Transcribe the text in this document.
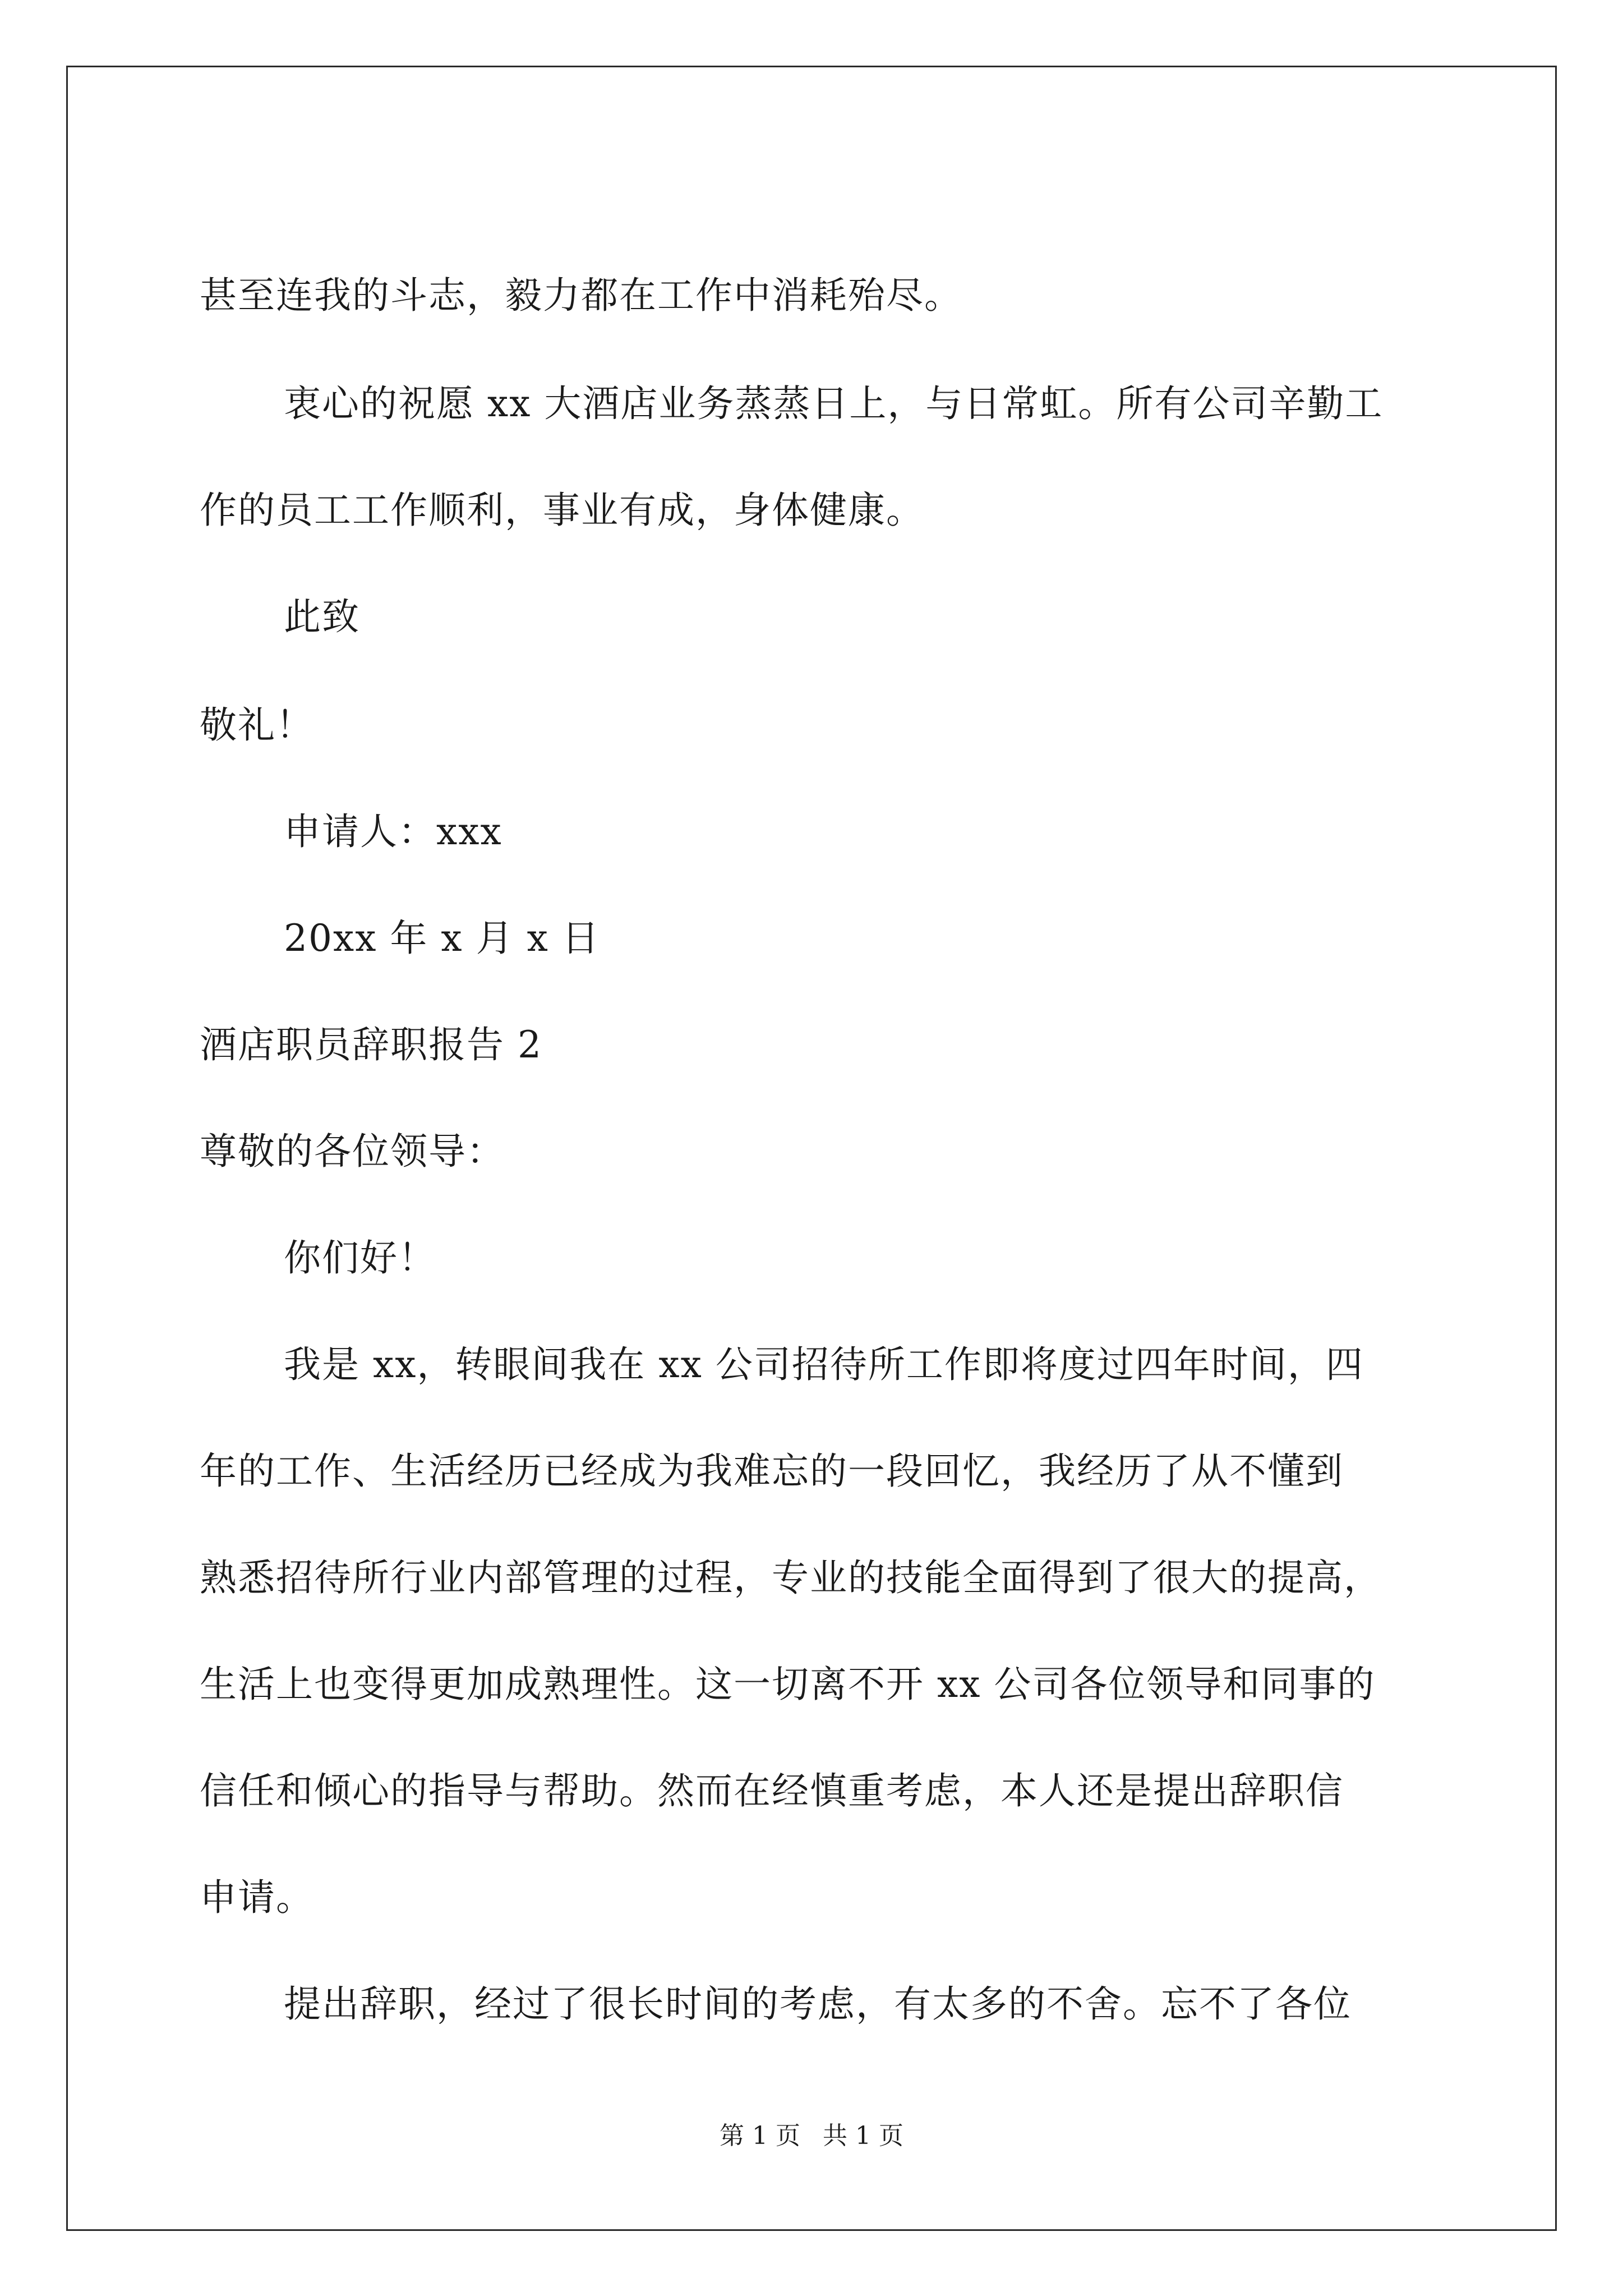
甚至连我的斗志，毅力都在工作中消耗殆尽。
衷心的祝愿 xx 大酒店业务蒸蒸日上，与日常虹。所有公司辛勤工
作的员工工作顺利，事业有成，身体健康。
此致
敬礼！
申请人：xxx
20xx 年 x 月 x 日
酒店职员辞职报告 2
尊敬的各位领导：
你们好！
我是 xx，转眼间我在 xx 公司招待所工作即将度过四年时间，四
年的工作、生活经历已经成为我难忘的一段回忆，我经历了从不懂到
熟悉招待所行业内部管理的过程，专业的技能全面得到了很大的提高，
生活上也变得更加成熟理性。这一切离不开 xx 公司各位领导和同事的
信任和倾心的指导与帮助。然而在经慎重考虑，本人还是提出辞职信
申请。
提出辞职，经过了很长时间的考虑，有太多的不舍。忘不了各位
第 1 页 共 1 页
